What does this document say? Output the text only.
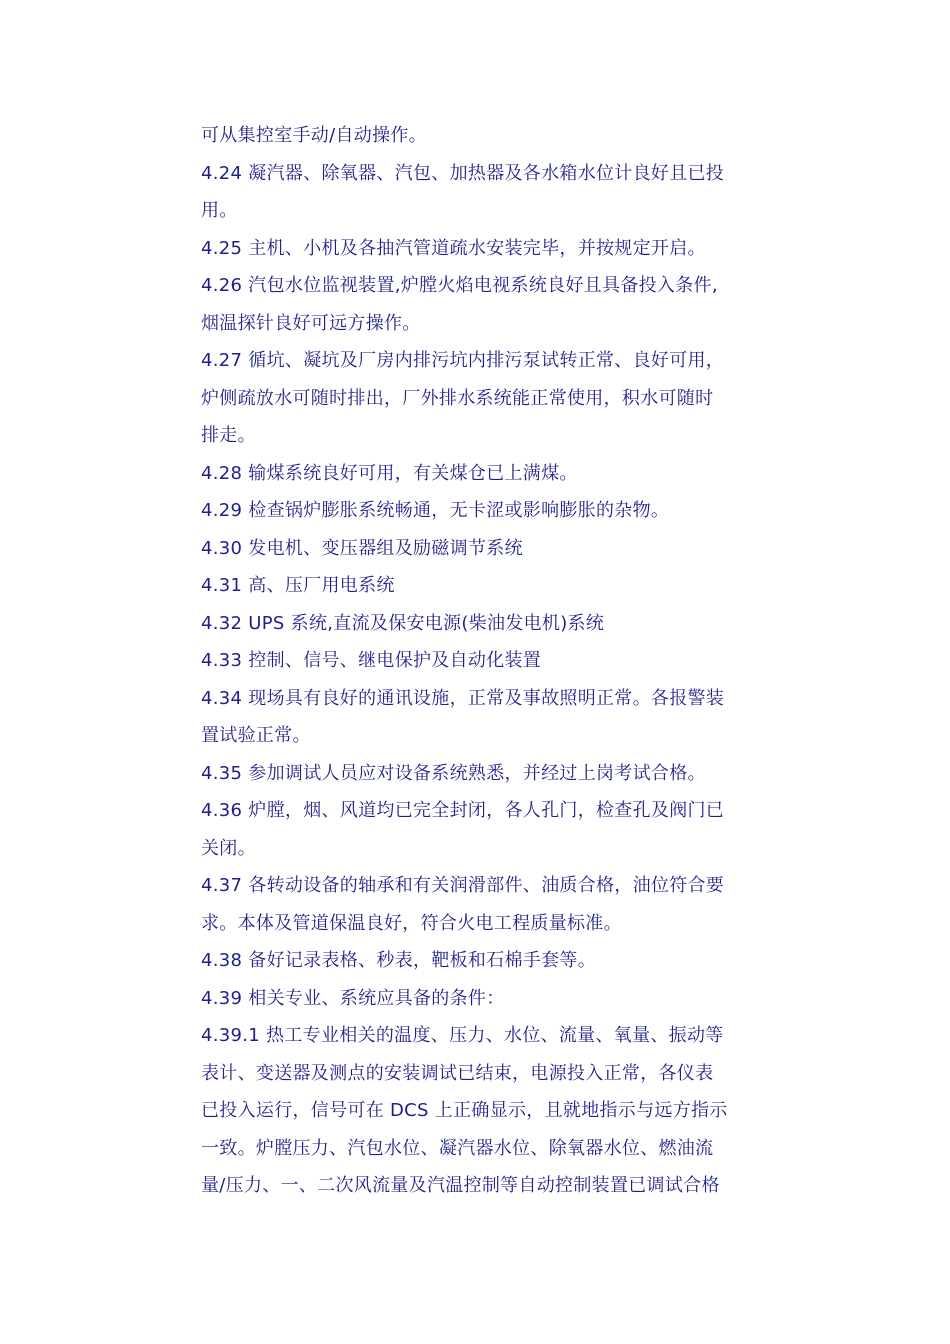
可从集控室手动/自动操作。
4.24 凝汽器、除氧器、汽包、加热器及各水箱水位计良好且已投
用。
4.25 主机、小机及各抽汽管道疏水安装完毕，并按规定开启。
4.26 汽包水位监视装置,炉膛火焰电视系统良好且具备投入条件,
烟温探针良好可远方操作。
4.27 循坑、凝坑及厂房内排污坑内排污泵试转正常、良好可用，
炉侧疏放水可随时排出，厂外排水系统能正常使用，积水可随时
排走。
4.28 输煤系统良好可用，有关煤仓已上满煤。
4.29 检查锅炉膨胀系统畅通，无卡涩或影响膨胀的杂物。
4.30 发电机、变压器组及励磁调节系统
4.31 高、压厂用电系统
4.32 UPS 系统,直流及保安电源(柴油发电机)系统
4.33 控制、信号、继电保护及自动化装置
4.34 现场具有良好的通讯设施，正常及事故照明正常。各报警装
置试验正常。
4.35 参加调试人员应对设备系统熟悉，并经过上岗考试合格。
4.36 炉膛，烟、风道均已完全封闭，各人孔门，检查孔及阀门已
关闭。
4.37 各转动设备的轴承和有关润滑部件、油质合格，油位符合要
求。本体及管道保温良好，符合火电工程质量标准。
4.38 备好记录表格、秒表，靶板和石棉手套等。
4.39 相关专业、系统应具备的条件：
4.39.1 热工专业相关的温度、压力、水位、流量、氧量、振动等
表计、变送器及测点的安装调试已结束，电源投入正常，各仪表
已投入运行，信号可在 DCS 上正确显示，且就地指示与远方指示
一致。炉膛压力、汽包水位、凝汽器水位、除氧器水位、燃油流
量/压力、一、二次风流量及汽温控制等自动控制装置已调试合格
